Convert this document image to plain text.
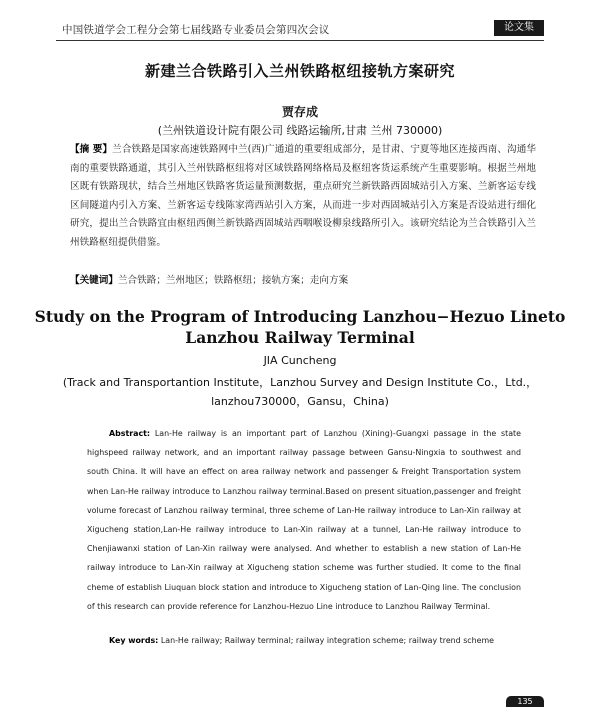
中国铁道学会工程分会第七届线路专业委员会第四次会议	论文集
新建兰合铁路引入兰州铁路枢纽接轨方案研究
贾存成
(兰州铁道设计院有限公司 线路运输所,甘肃 兰州 730000)
【摘 要】兰合铁路是国家高速铁路网中兰(西)广通道的重要组成部分，是甘肃、宁夏等地区连接西南、沟通华南的重要铁路通道，其引入兰州铁路枢纽将对区域铁路网络格局及枢纽客货运系统产生重要影响。根据兰州地区既有铁路现状，结合兰州地区铁路客货运量预测数据，重点研究兰新铁路西固城站引入方案、兰新客运专线区间隧道内引入方案、兰新客运专线陈家湾西站引入方案，从而进一步对西固城站引入方案是否设站进行细化研究，提出兰合铁路宜由枢纽西侧兰新铁路西固城站西咽喉设柳泉线路所引入。该研究结论为兰合铁路引入兰州铁路枢纽提供借鉴。
【关键词】兰合铁路；兰州地区；铁路枢纽；接轨方案；走向方案
Study on the Program of Introducing Lanzhou−Hezuo Lineto Lanzhou Railway Terminal
JIA Cuncheng
(Track and Transportantion Institute，Lanzhou Survey and Design Institute Co.，Ltd.，lanzhou730000，Gansu，China)
Abstract: Lan-He railway is an important part of Lanzhou (Xining)-Guangxi passage in the state highspeed railway network, and an important railway passage between Gansu-Ningxia to southwest and south China. It will have an effect on area railway network and passenger & Freight Transportation system when Lan-He railway introduce to Lanzhou railway terminal.Based on present situation,passenger and freight volume forecast of Lanzhou railway terminal, three scheme of Lan-He railway introduce to Lan-Xin railway at Xigucheng station,Lan-He railway introduce to Lan-Xin railway at a tunnel, Lan-He railway introduce to Chenjiawanxi station of Lan-Xin railway were analysed. And whether to establish a new station of Lan-He railway introduce to Lan-Xin railway at Xigucheng station scheme was further studied. It come to the final cheme of establish Liuquan block station and introduce to Xigucheng station of Lan-Qing line. The conclusion of this research can provide reference for Lanzhou-Hezuo Line introduce to Lanzhou Railway Terminal.
Key words: Lan-He railway; Railway terminal; railway integration scheme; railway trend scheme
135
